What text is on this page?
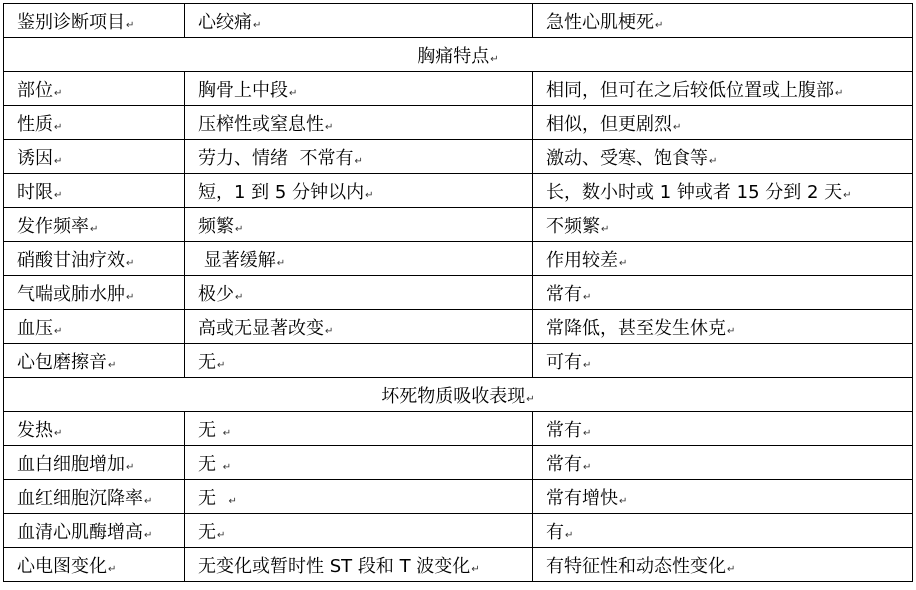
鉴别诊断项目↵	心绞痛↵	急性心肌梗死↵
胸痛特点↵		
部位↵	胸骨上中段↵	相同，但可在之后较低位置或上腹部↵
性质↵	压榨性或窒息性↵	相似，但更剧烈↵
诱因↵	劳力、情绪  不常有↵	激动、受寒、饱食等↵
时限↵	短，1 到 5 分钟以内↵	长，数小时或 1 钟或者 15 分到 2 天↵
发作频率↵	频繁↵	不频繁↵
硝酸甘油疗效↵	显著缓解↵	作用较差↵
气喘或肺水肿↵	极少↵	常有↵
血压↵	高或无显著改变↵	常降低，甚至发生休克↵
心包磨擦音↵	无↵	可有↵
坏死物质吸收表现↵		
发热↵	无 ↵	常有↵
血白细胞增加↵	无 ↵	常有↵
血红细胞沉降率↵	无  ↵	常有增快↵
血清心肌酶增高↵	无↵	有↵
心电图变化↵	无变化或暂时性 ST 段和 T 波变化↵	有特征性和动态性变化↵
